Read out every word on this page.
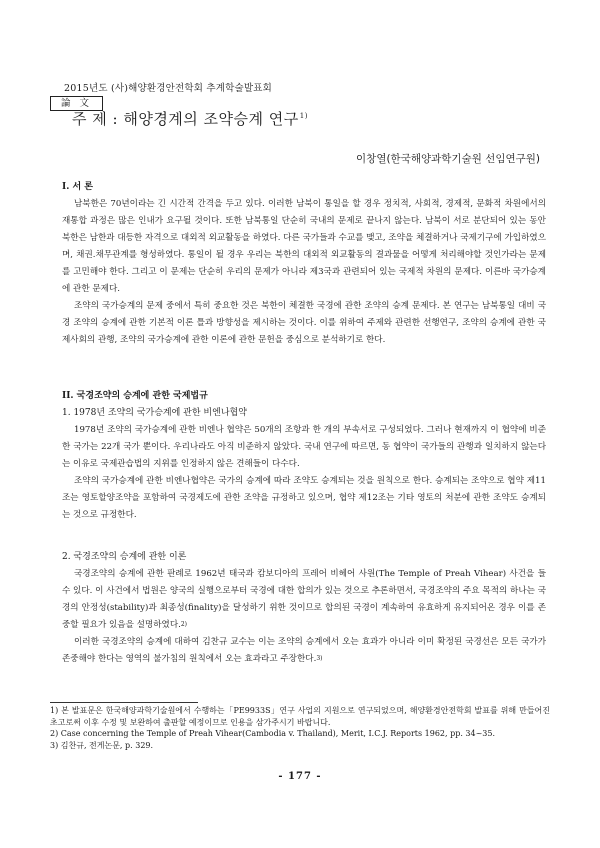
2015년도 (사)해양환경안전학회 추계학술발표회
論 文
주 제 : 해양경계의 조약승계 연구$^{1)}$
이창열(한국해양과학기술원 선임연구원)
I. 서 론

남북한은 70년이라는 긴 시간적 간격을 두고 있다. 이러한 남북이 통일을 할 경우 정치적, 사회적, 경제적, 문화적 차원에서의 재통합 과정은 많은 인내가 요구될 것이다. 또한 남북통일 단순히 국내의 문제로 끝나지 않는다. 남북이 서로 분단되어 있는 동안 북한은 남한과 대등한 자격으로 대외적 외교활동을 하였다. 다른 국가들과 수교를 맺고, 조약을 체결하거나 국제기구에 가입하였으며, 채권.채무관계를 형성하였다. 통일이 될 경우 우리는 북한의 대외적 외교활동의 결과물을 어떻게 처리해야할 것인가라는 문제를 고민해야 한다. 그리고 이 문제는 단순히 우리의 문제가 아니라 제3국과 관련되어 있는 국제적 차원의 문제다. 이른바 국가승계에 관한 문제다.

조약의 국가승계의 문제 중에서 특히 중요한 것은 북한이 체결한 국경에 관한 조약의 승계 문제다. 본 연구는 남북통일 대비 국경 조약의 승계에 관한 기본적 이론 틀과 방향성을 제시하는 것이다. 이를 위하여 주제와 관련한 선행연구, 조약의 승계에 관한 국제사회의 관행, 조약의 국가승계에 관한 이론에 관한 문헌을 중심으로 분석하기로 한다.

II. 국경조약의 승계에 관한 국제법규
1. 1978년 조약의 국가승계에 관한 비엔나협약

1978년 조약의 국가승계에 관한 비엔나 협약은 50개의 조항과 한 개의 부속서로 구성되었다. 그러나 현재까지 이 협약에 비준한 국가는 22개 국가 뿐이다. 우리나라도 아직 비준하지 않았다. 국내 연구에 따르면, 동 협약이 국가들의 관행과 일치하지 않는다는 이유로 국제관습법의 지위를 인정하지 않은 견해들이 다수다.

조약의 국가승계에 관한 비엔나협약은 국가의 승계에 따라 조약도 승계되는 것을 원칙으로 한다. 승계되는 조약으로 협약 제11조는 영토할양조약을 포함하여 국경제도에 관한 조약을 규정하고 있으며, 협약 제12조는 기타 영토의 처분에 관한 조약도 승계되는 것으로 규정한다.

2. 국경조약의 승계에 관한 이론

국경조약의 승계에 관한 판례로 1962년 태국과 캄보디아의 프레어 비헤어 사원(The Temple of Preah Vihear) 사건을 들 수 있다. 이 사건에서 법원은 양국의 실행으로부터 국경에 대한 합의가 있는 것으로 추론하면서, 국경조약의 주요 목적의 하나는 국경의 안정성(stability)과 최종성(finality)을 달성하기 위한 것이므로 합의된 국경이 계속하여 유효하게 유지되어온 경우 이를 존중할 필요가 있음을 설명하였다.$^{2)}$

이러한 국경조약의 승계에 대하여 김찬규 교수는 이는 조약의 승계에서 오는 효과가 아니라 이미 확정된 국경선은 모든 국가가 존중해야 한다는 영역의 불가침의 원칙에서 오는 효과라고 주장한다.$^{3)}$

1) 본 발표문은 한국해양과학기술원에서 수행하는「PE9933S」연구 사업의 지원으로 연구되었으며, 해양환경안전학회 발표를 위해 만들어진 초고로써 이후 수정 및 보완하여 출판할 예정이므로 인용을 삼가주시기 바랍니다.
2) Case concerning the Temple of Preah Vihear(Cambodia v. Thailand), Merit, I.C.J. Reports 1962, pp. 34~35.
3) 김찬규, 전게논문, p. 329.
- 177 -
